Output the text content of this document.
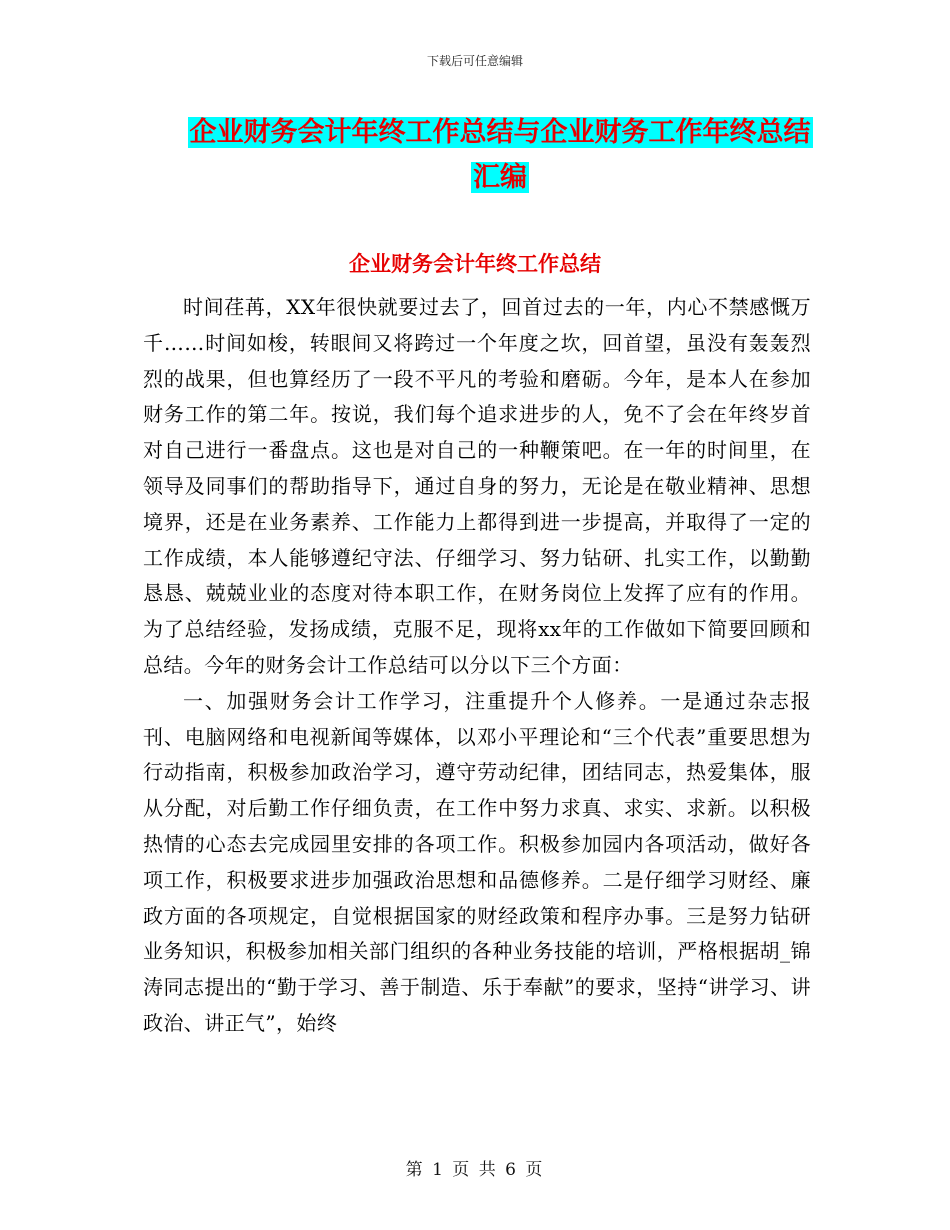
下载后可任意编辑
企业财务会计年终工作总结与企业财务工作年终总结
汇编
企业财务会计年终工作总结

时间荏苒，XX年很快就要过去了，回首过去的一年，内心不禁感慨万千……时间如梭，转眼间又将跨过一个年度之坎，回首望，虽没有轰轰烈烈的战果，但也算经历了一段不平凡的考验和磨砺。今年，是本人在参加财务工作的第二年。按说，我们每个追求进步的人，免不了会在年终岁首对自己进行一番盘点。这也是对自己的一种鞭策吧。在一年的时间里，在领导及同事们的帮助指导下，通过自身的努力，无论是在敬业精神、思想境界，还是在业务素养、工作能力上都得到进一步提高，并取得了一定的工作成绩，本人能够遵纪守法、仔细学习、努力钻研、扎实工作，以勤勤恳恳、兢兢业业的态度对待本职工作，在财务岗位上发挥了应有的作用。为了总结经验，发扬成绩，克服不足，现将xx年的工作做如下简要回顾和总结。今年的财务会计工作总结可以分以下三个方面：

一、加强财务会计工作学习，注重提升个人修养。一是通过杂志报刊、电脑网络和电视新闻等媒体，以邓小平理论和“三个代表”重要思想为行动指南，积极参加政治学习，遵守劳动纪律，团结同志，热爱集体，服从分配，对后勤工作仔细负责，在工作中努力求真、求实、求新。以积极热情的心态去完成园里安排的各项工作。积极参加园内各项活动，做好各项工作，积极要求进步加强政治思想和品德修养。二是仔细学习财经、廉政方面的各项规定，自觉根据国家的财经政策和程序办事。三是努力钻研业务知识，积极参加相关部门组织的各种业务技能的培训，严格根据胡_锦涛同志提出的“勤于学习、善于制造、乐于奉献”的要求，坚持“讲学习、讲政治、讲正气”，始终

第 1 页 共 6 页
